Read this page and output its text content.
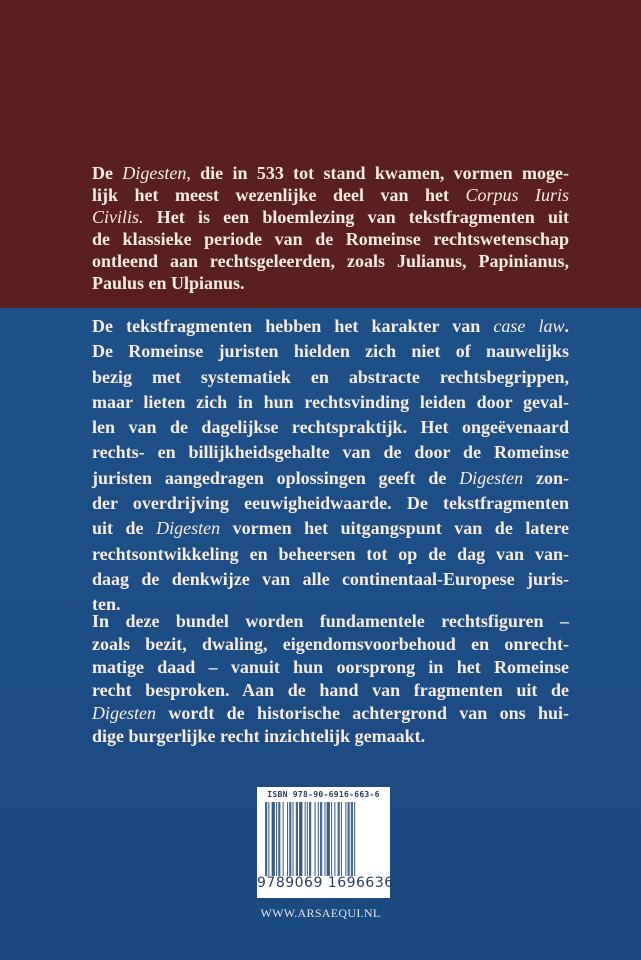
De Digesten, die in 533 tot stand kwamen, vormen moge-
lijk het meest wezenlijke deel van het Corpus Iuris
Civilis. Het is een bloemlezing van tekstfragmenten uit
de klassieke periode van de Romeinse rechtswetenschap
ontleend aan rechtsgeleerden, zoals Julianus, Papinianus,
Paulus en Ulpianus.
De tekstfragmenten hebben het karakter van case law.
De Romeinse juristen hielden zich niet of nauwelijks
bezig met systematiek en abstracte rechtsbegrippen,
maar lieten zich in hun rechtsvinding leiden door geval-
len van de dagelijkse rechtspraktijk. Het ongeëvenaard
rechts- en billijkheidsgehalte van de door de Romeinse
juristen aangedragen oplossingen geeft de Digesten zon-
der overdrijving eeuwigheidwaarde. De tekstfragmenten
uit de Digesten vormen het uitgangspunt van de latere
rechtsontwikkeling en beheersen tot op de dag van van-
daag de denkwijze van alle continentaal-Europese juris-
ten.
In deze bundel worden fundamentele rechtsfiguren –
zoals bezit, dwaling, eigendomsvoorbehoud en onrecht-
matige daad – vanuit hun oorsprong in het Romeinse
recht besproken. Aan de hand van fragmenten uit de
Digesten wordt de historische achtergrond van ons hui-
dige burgerlijke recht inzichtelijk gemaakt.
ISBN 978-90-6916-663-6
9789069 1696636
WWW.ARSAEQUI.NL
